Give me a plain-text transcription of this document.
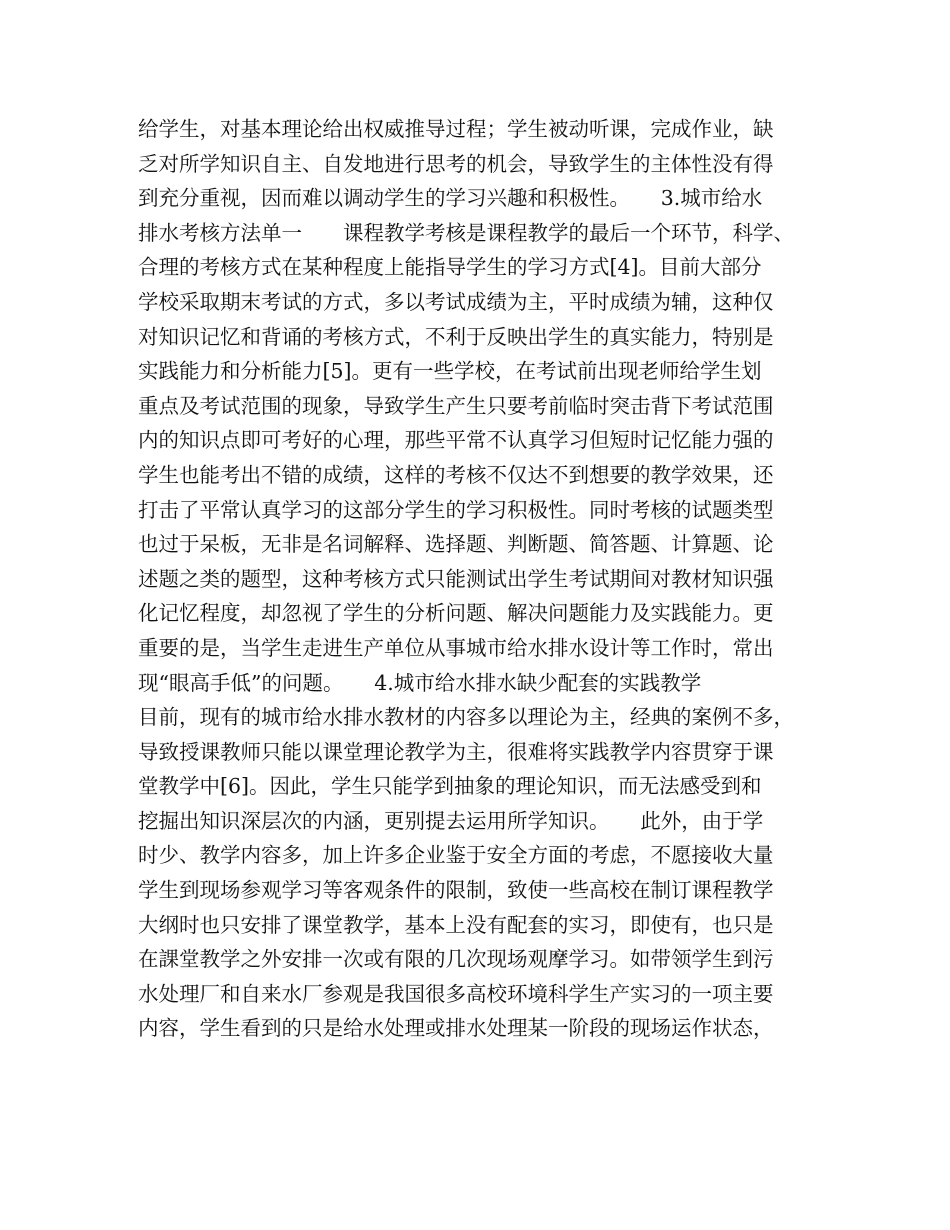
给学生，对基本理论给出权威推导过程；学生被动听课，完成作业，缺
乏对所学知识自主、自发地进行思考的机会，导致学生的主体性没有得
到充分重视，因而难以调动学生的学习兴趣和积极性。　　3.城市给水
排水考核方法单一　　课程教学考核是课程教学的最后一个环节，科学、
合理的考核方式在某种程度上能指导学生的学习方式[4]。目前大部分
学校采取期末考试的方式，多以考试成绩为主，平时成绩为辅，这种仅
对知识记忆和背诵的考核方式，不利于反映出学生的真实能力，特别是
实践能力和分析能力[5]。更有一些学校，在考试前出现老师给学生划
重点及考试范围的现象，导致学生产生只要考前临时突击背下考试范围
内的知识点即可考好的心理，那些平常不认真学习但短时记忆能力强的
学生也能考出不错的成绩，这样的考核不仅达不到想要的教学效果，还
打击了平常认真学习的这部分学生的学习积极性。同时考核的试题类型
也过于呆板，无非是名词解释、选择题、判断题、简答题、计算题、论
述题之类的题型，这种考核方式只能测试出学生考试期间对教材知识强
化记忆程度，却忽视了学生的分析问题、解决问题能力及实践能力。更
重要的是，当学生走进生产单位从事城市给水排水设计等工作时，常出
现“眼高手低”的问题。　　4.城市给水排水缺少配套的实践教学
目前，现有的城市给水排水教材的内容多以理论为主，经典的案例不多，
导致授课教师只能以课堂理论教学为主，很难将实践教学内容贯穿于课
堂教学中[6]。因此，学生只能学到抽象的理论知识，而无法感受到和
挖掘出知识深层次的内涵，更别提去运用所学知识。　　此外，由于学
时少、教学内容多，加上许多企业鉴于安全方面的考虑，不愿接收大量
学生到现场参观学习等客观条件的限制，致使一些高校在制订课程教学
大纲时也只安排了课堂教学，基本上没有配套的实习，即使有，也只是
在課堂教学之外安排一次或有限的几次现场观摩学习。如带领学生到污
水处理厂和自来水厂参观是我国很多高校环境科学生产实习的一项主要
内容，学生看到的只是给水处理或排水处理某一阶段的现场运作状态，
